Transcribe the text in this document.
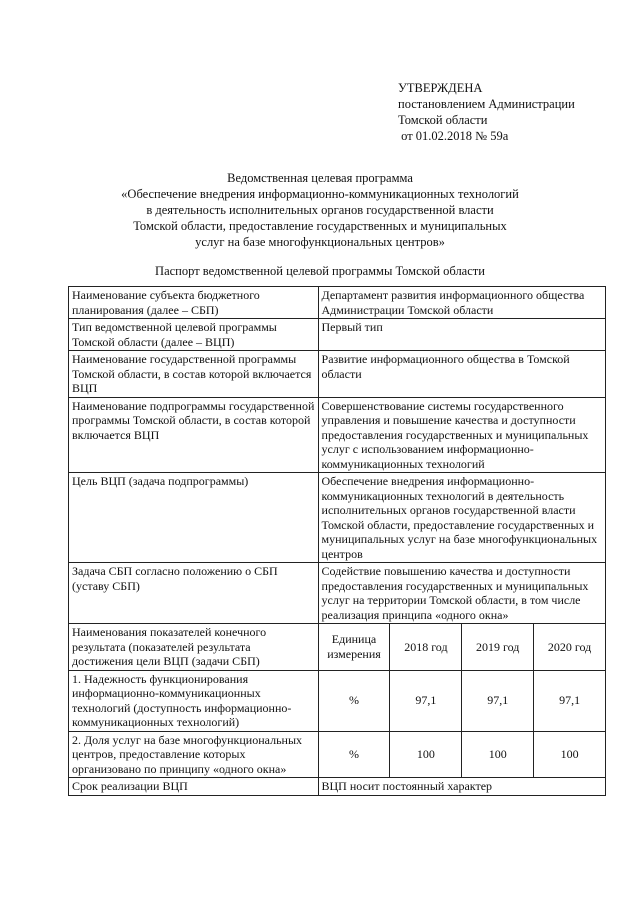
УТВЕРЖДЕНА
постановлением Администрации
Томской области
от 01.02.2018 № 59а
Ведомственная целевая программа
«Обеспечение внедрения информационно-коммуникационных технологий
в деятельность исполнительных органов государственной власти
Томской области, предоставление государственных и муниципальных
услуг на базе многофункциональных центров»
Паспорт ведомственной целевой программы Томской области
Наименование субъекта бюджетного планирования (далее – СБП)	Департамент развития информационного общества Администрации Томской области			
Тип ведомственной целевой программы Томской области (далее – ВЦП)	Первый тип			
Наименование государственной программы Томской области, в состав которой включается ВЦП	Развитие информационного общества в Томской области			
Наименование подпрограммы государственной программы Томской области, в состав которой включается ВЦП	Совершенствование системы государственного управления и повышение качества и доступности предоставления государственных и муниципальных услуг с использованием информационно-коммуникационных технологий			
Цель ВЦП (задача подпрограммы)	Обеспечение внедрения информационно-коммуникационных технологий в деятельность исполнительных органов государственной власти Томской области, предоставление государственных и муниципальных услуг на базе многофункциональных центров			
Задача СБП согласно положению о СБП (уставу СБП)	Содействие повышению качества и доступности предоставления государственных и муниципальных услуг на территории Томской области, в том числе реализация принципа «одного окна»			
Наименования показателей конечного результата (показателей результата достижения цели ВЦП (задачи СБП)	Единица измерения	2018 год	2019 год	2020 год
1. Надежность функционирования информационно-коммуникационных технологий (доступность информационно-коммуникационных технологий)	%	97,1	97,1	97,1
2. Доля услуг на базе многофункциональных центров, предоставление которых организовано по принципу «одного окна»	%	100	100	100
Срок реализации ВЦП	ВЦП носит постоянный характер			
